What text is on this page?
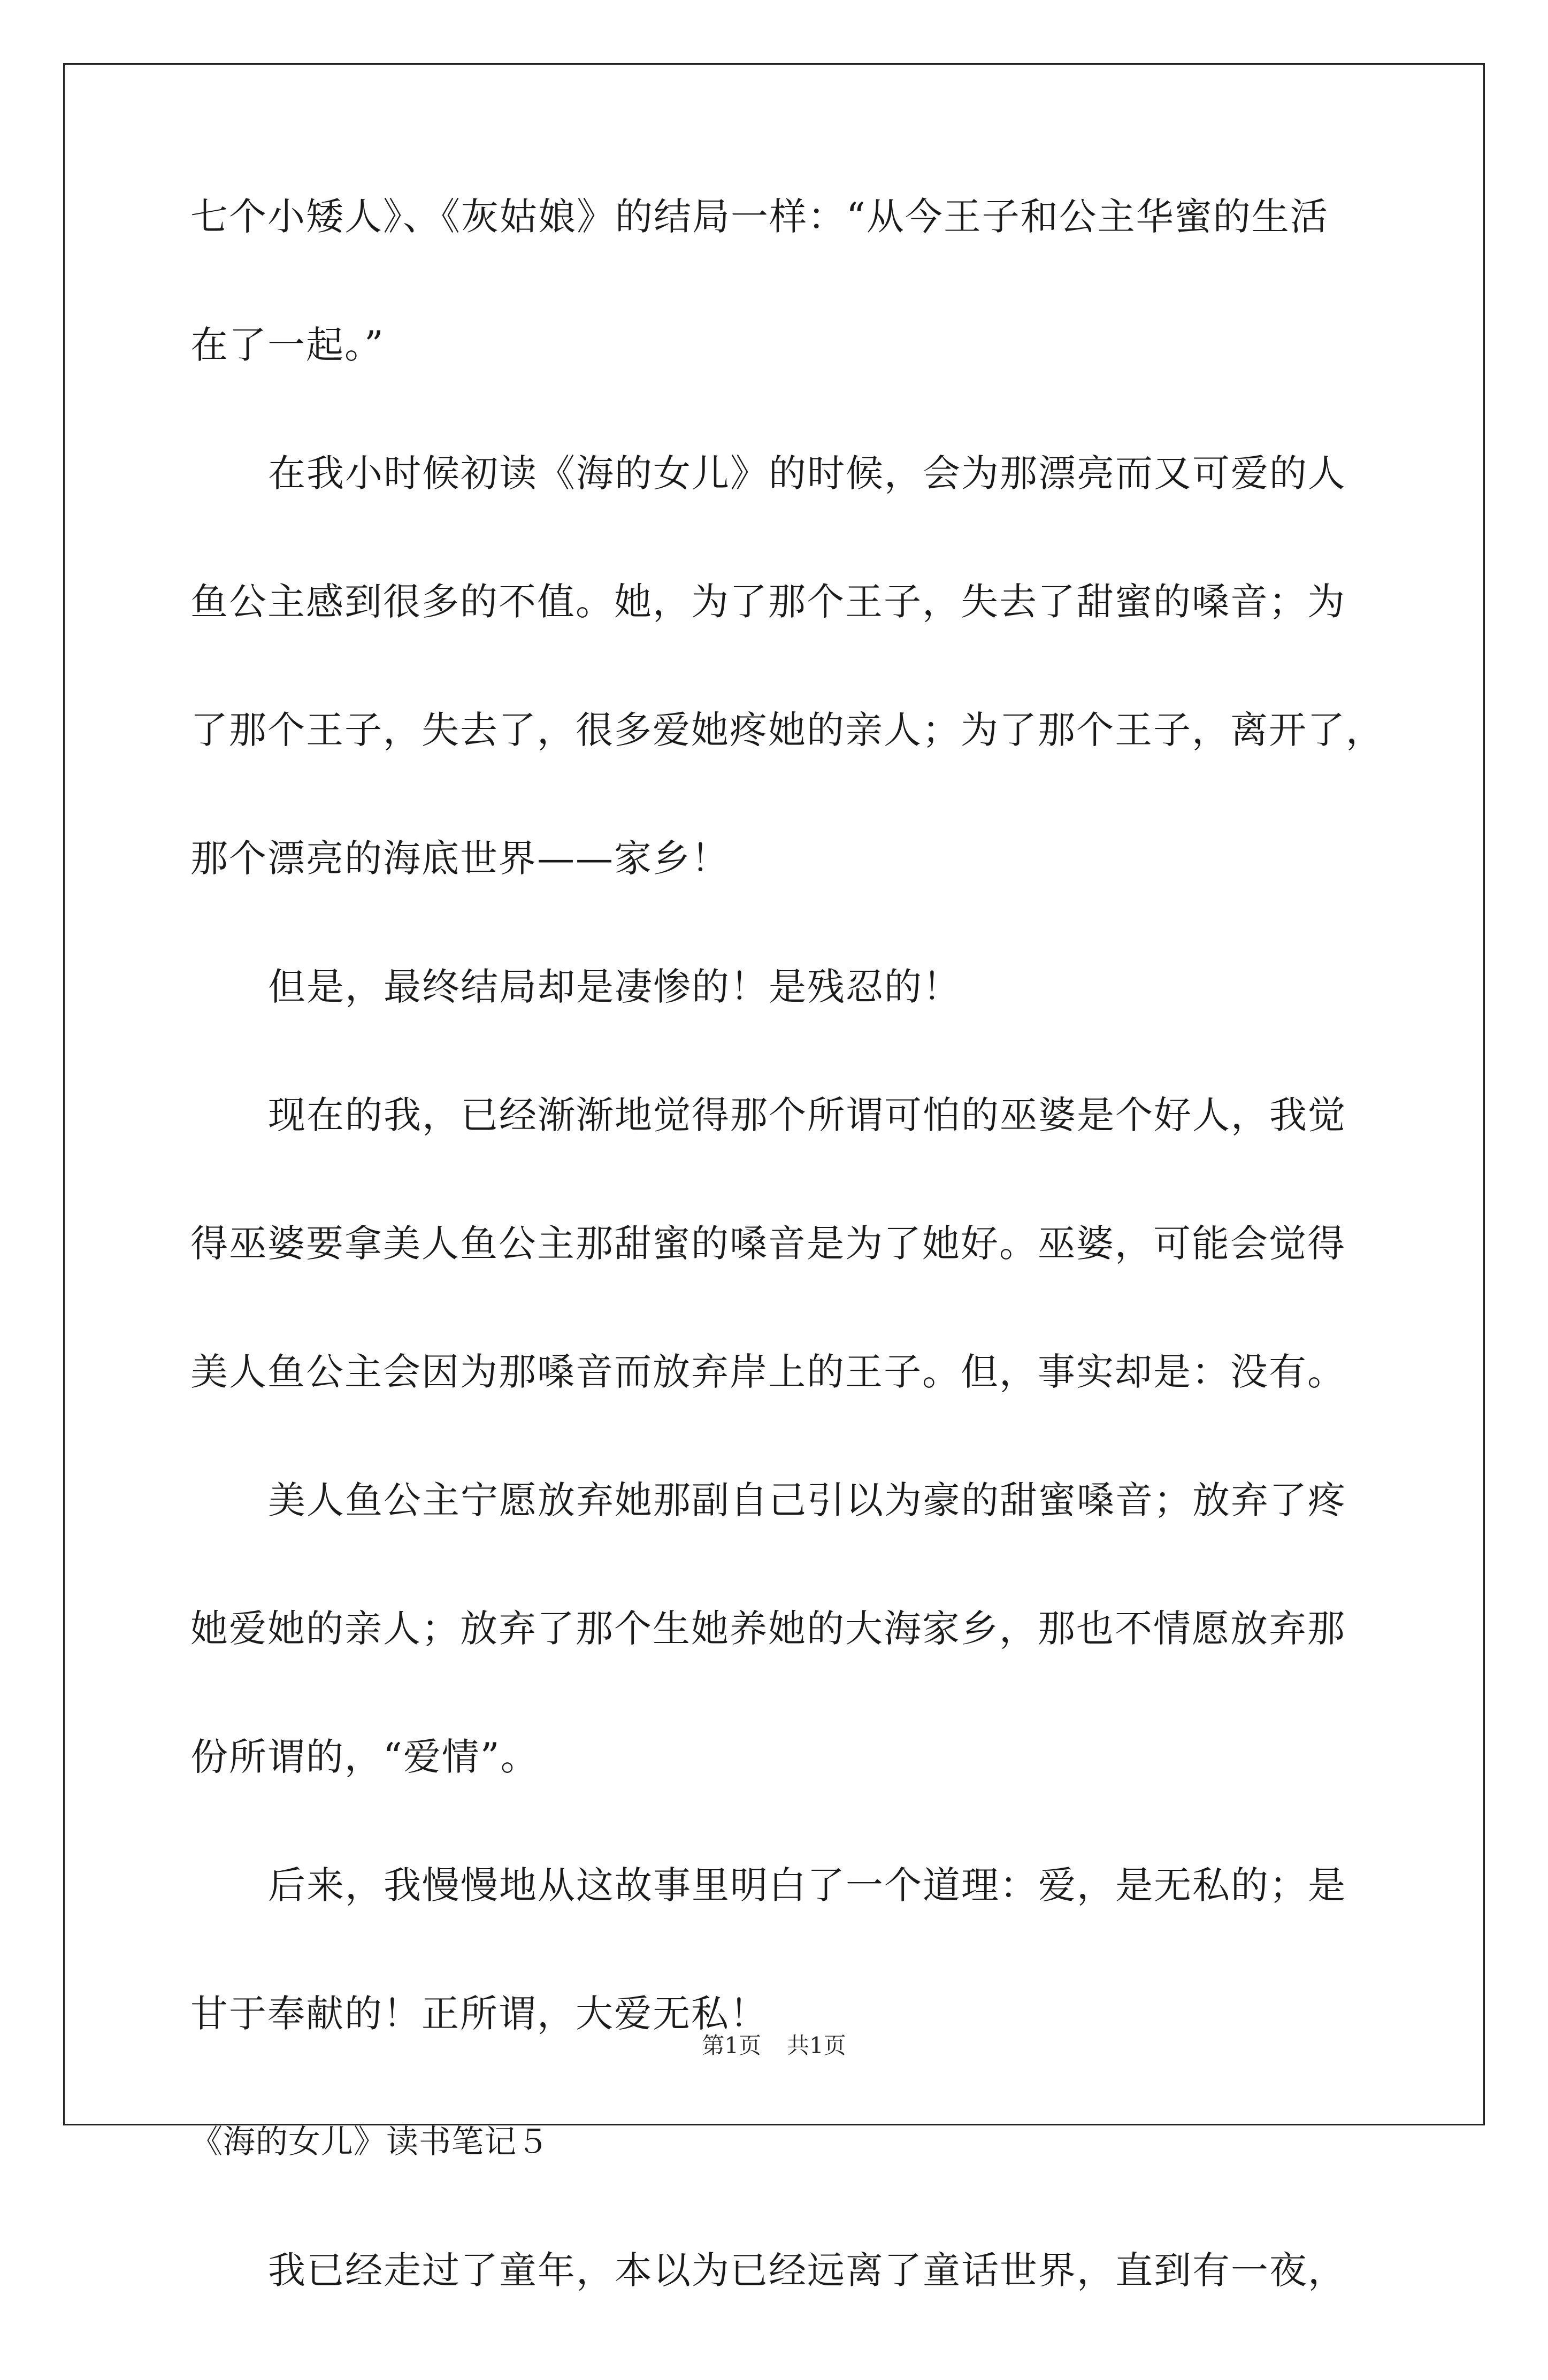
七个小矮人》、《灰姑娘》的结局一样：“从今王子和公主华蜜的生活
在了一起。”
在我小时候初读《海的女儿》的时候，会为那漂亮而又可爱的人
鱼公主感到很多的不值。她，为了那个王子，失去了甜蜜的嗓音；为
了那个王子，失去了，很多爱她疼她的亲人；为了那个王子，离开了，
那个漂亮的海底世界——家乡！
但是，最终结局却是凄惨的！是残忍的！
现在的我，已经渐渐地觉得那个所谓可怕的巫婆是个好人，我觉
得巫婆要拿美人鱼公主那甜蜜的嗓音是为了她好。巫婆，可能会觉得
美人鱼公主会因为那嗓音而放弃岸上的王子。但，事实却是：没有。
美人鱼公主宁愿放弃她那副自己引以为豪的甜蜜嗓音；放弃了疼
她爱她的亲人；放弃了那个生她养她的大海家乡，那也不情愿放弃那
份所谓的，“爱情”。
后来，我慢慢地从这故事里明白了一个道理：爱，是无私的；是
甘于奉献的！正所谓，大爱无私！
《海的女儿》读书笔记５
我已经走过了童年，本以为已经远离了童话世界，直到有一夜，
第1页 共1页
